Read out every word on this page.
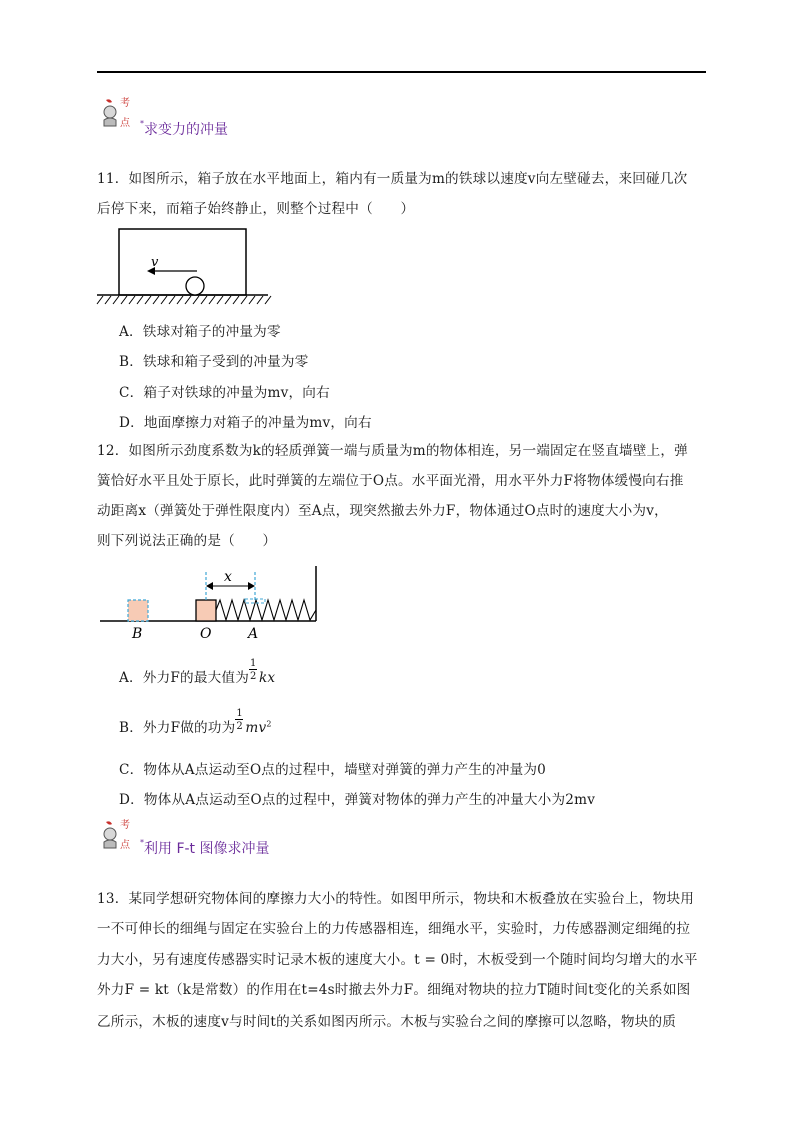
考
点 *求变力的冲量
11．如图所示，箱子放在水平地面上，箱内有一质量为m的铁球以速度v向左壁碰去，来回碰几次
后停下来，而箱子始终静止，则整个过程中（　　）
v
A．铁球对箱子的冲量为零
B．铁球和箱子受到的冲量为零
C．箱子对铁球的冲量为mv，向右
D．地面摩擦力对箱子的冲量为mv，向右
12．如图所示劲度系数为k的轻质弹簧一端与质量为m的物体相连，另一端固定在竖直墙壁上，弹
簧恰好水平且处于原长，此时弹簧的左端位于O点。水平面光滑，用水平外力F将物体缓慢向右推
动距离x（弹簧处于弹性限度内）至A点，现突然撤去外力F，物体通过O点时的速度大小为v，
则下列说法正确的是（　　）
x
B	O	A
A．外力F的最大值为 $\frac{1}{2}$ kx
B．外力F做的功为 $\frac{1}{2} mv^2$
C．物体从A点运动至O点的过程中，墙壁对弹簧的弹力产生的冲量为0
D．物体从A点运动至O点的过程中，弹簧对物体的弹力产生的冲量大小为2mv
考
点 *利用 F-t 图像求冲量
13．某同学想研究物体间的摩擦力大小的特性。如图甲所示，物块和木板叠放在实验台上，物块用
一不可伸长的细绳与固定在实验台上的力传感器相连，细绳水平，实验时，力传感器测定细绳的拉
力大小，另有速度传感器实时记录木板的速度大小。t = 0时，木板受到一个随时间均匀增大的水平
外力F = kt（k是常数）的作用在t=4s时撤去外力F。细绳对物块的拉力T随时间t变化的关系如图
乙所示，木板的速度v与时间t的关系如图丙所示。木板与实验台之间的摩擦可以忽略，物块的质
